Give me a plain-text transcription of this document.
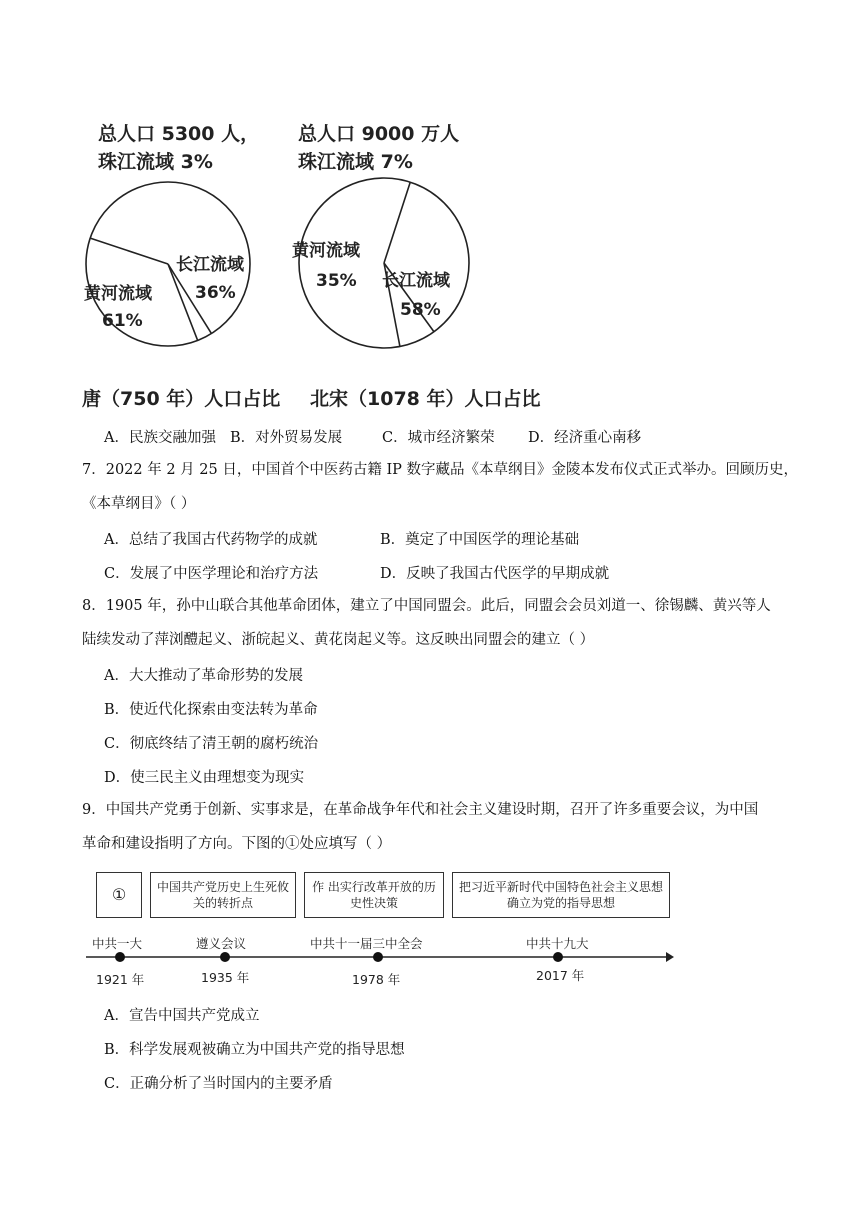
总人口 5300 人，
珠江流域 3%
总人口 9000 万人
珠江流域 7%
黄河流域
61%
长江流域
36%
黄河流域
35% 长江流域
58%
唐（750 年）人口占比 北宋（1078 年）人口占比
A．民族交融加强 B．对外贸易发展	C．城市经济繁荣 D．经济重心南移
7．2022 年 2 月 25 日，中国首个中医药古籍 IP 数字藏品《本草纲目》金陵本发布仪式正式举办。回顾历史，
《本草纲目》（ ）
A．总结了我国古代药物学的成就	B．奠定了中国医学的理论基础
C．发展了中医学理论和治疗方法	D．反映了我国古代医学的早期成就
8．1905 年，孙中山联合其他革命团体，建立了中国同盟会。此后，同盟会会员刘道一、徐锡麟、黄兴等人
陆续发动了萍浏醴起义、浙皖起义、黄花岗起义等。这反映出同盟会的建立（ ）
A．大大推动了革命形势的发展
B．使近代化探索由变法转为革命
C．彻底终结了清王朝的腐朽统治
D．使三民主义由理想变为现实
9．中国共产党勇于创新、实事求是，在革命战争年代和社会主义建设时期，召开了许多重要会议，为中国
革命和建设指明了方向。下图的①处应填写（ ）
①	中国共产党历史上生死攸关的转折点
作 出实行改革开放的历史性决策
把习近平新时代中国特色社会主义思想确立为党的指导思想
中共一大	遵义会议	中共十一届三中全会	中共十九大
1921 年	1935 年	1978 年	2017 年
A．宣告中国共产党成立
B．科学发展观被确立为中国共产党的指导思想
C．正确分析了当时国内的主要矛盾
